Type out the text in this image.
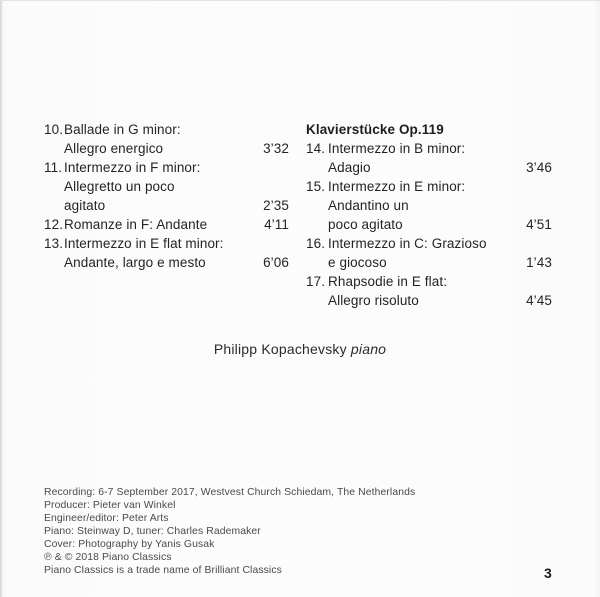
10. Ballade in G minor:
Allegro energico	3’32
11. Intermezzo in F minor:
Allegretto un poco
agitato	2’35
12. Romanze in F: Andante	4’11
13. Intermezzo in E flat minor:
Andante, largo e mesto	6’06
Klavierstücke Op.119
14. Intermezzo in B minor:
Adagio	3’46
15. Intermezzo in E minor:
Andantino un
poco agitato	4’51
16. Intermezzo in C: Grazioso
e giocoso	1’43
17. Rhapsodie in E flat:
Allegro risoluto	4’45
Philipp Kopachevsky piano
Recording: 6-7 September 2017, Westvest Church Schiedam, The Netherlands
Producer: Pieter van Winkel
Engineer/editor: Peter Arts
Piano: Steinway D, tuner: Charles Rademaker
Cover: Photography by Yanis Gusak
℗ & © 2018 Piano Classics
Piano Classics is a trade name of Brilliant Classics	3
